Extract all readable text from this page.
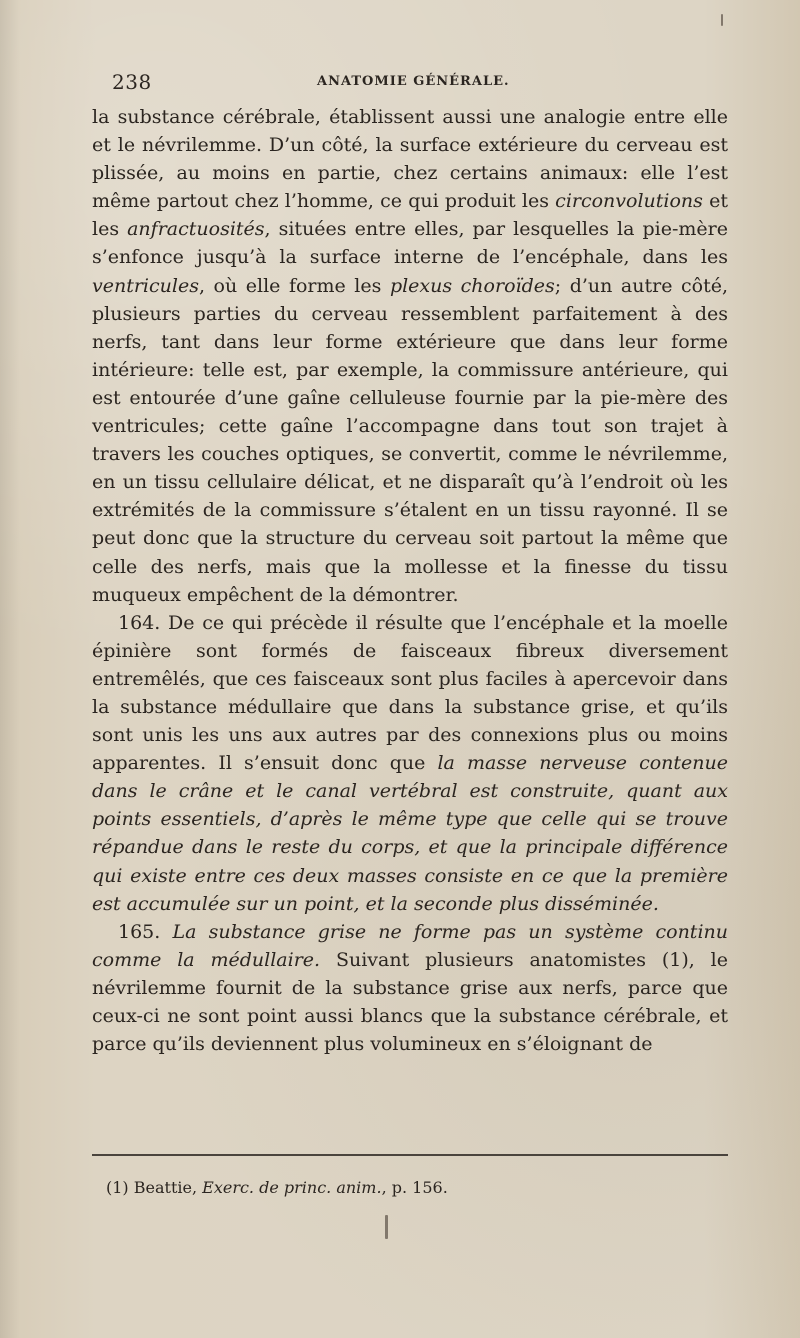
238	ANATOMIE GÉNÉRALE.

la substance cérébrale, établissent aussi une analogie entre elle et le névrilemme. D’un côté, la surface extérieure du cerveau est plissée, au moins en partie, chez certains animaux: elle l’est même partout chez l’homme, ce qui produit les circonvolutions et les anfractuosités, situées entre elles, par lesquelles la pie-mère s’enfonce jusqu’à la surface interne de l’encéphale, dans les ventricules, où elle forme les plexus choroïdes; d’un autre côté, plusieurs parties du cerveau ressemblent parfaitement à des nerfs, tant dans leur forme extérieure que dans leur forme intérieure: telle est, par exemple, la commissure antérieure, qui est entourée d’une gaîne celluleuse fournie par la pie-mère des ventricules; cette gaîne l’accompagne dans tout son trajet à travers les couches optiques, se convertit, comme le névrilemme, en un tissu cellulaire délicat, et ne disparaît qu’à l’endroit où les extrémités de la commissure s’étalent en un tissu rayonné. Il se peut donc que la structure du cerveau soit partout la même que celle des nerfs, mais que la mollesse et la finesse du tissu muqueux empêchent de la démontrer.

164. De ce qui précède il résulte que l’encéphale et la moelle épinière sont formés de faisceaux fibreux diversement entremêlés, que ces faisceaux sont plus faciles à apercevoir dans la substance médullaire que dans la substance grise, et qu’ils sont unis les uns aux autres par des connexions plus ou moins apparentes. Il s’ensuit donc que la masse nerveuse contenue dans le crâne et le canal vertébral est construite, quant aux points essentiels, d’après le même type que celle qui se trouve répandue dans le reste du corps, et que la principale différence qui existe entre ces deux masses consiste en ce que la première est accumulée sur un point, et la seconde plus disséminée.

165. La substance grise ne forme pas un système continu comme la médullaire. Suivant plusieurs anatomistes (1), le névrilemme fournit de la substance grise aux nerfs, parce que ceux-ci ne sont point aussi blancs que la substance cérébrale, et parce qu’ils deviennent plus volumineux en s’éloignant de

(1) Beattie, Exerc. de princ. anim., p. 156.
